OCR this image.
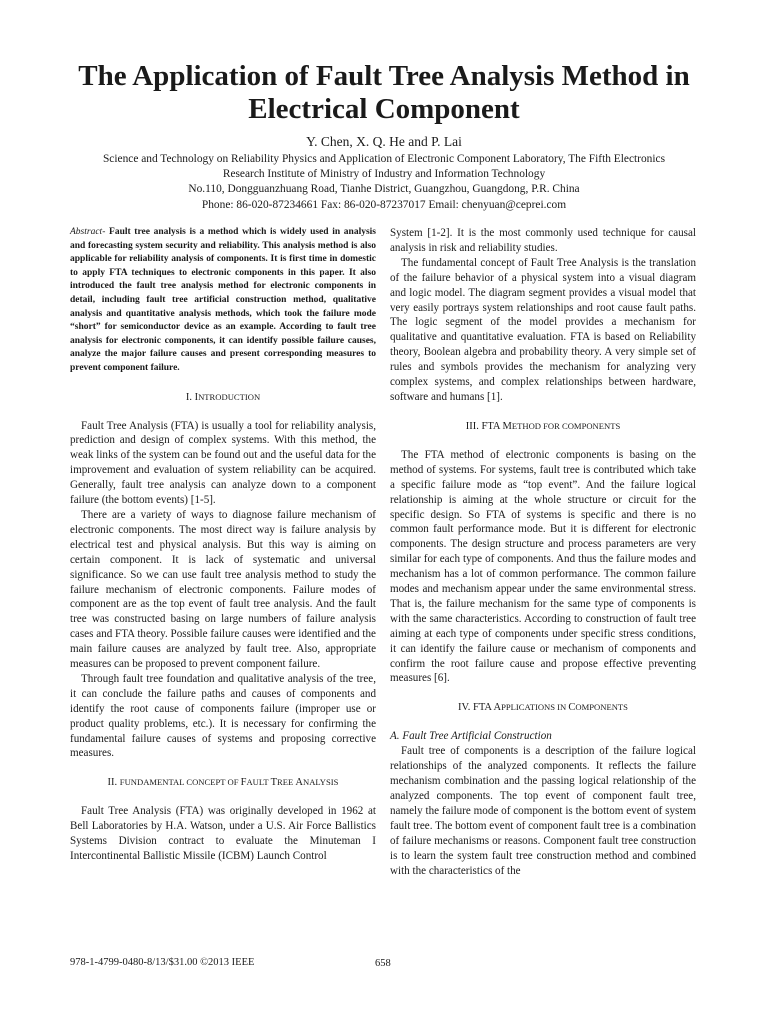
The Application of Fault Tree Analysis Method in
Electrical Component
Y. Chen, X. Q. He and P. Lai
Science and Technology on Reliability Physics and Application of Electronic Component Laboratory, The Fifth Electronics
Research Institute of Ministry of Industry and Information Technology
No.110, Dongguanzhuang Road, Tianhe District, Guangzhou, Guangdong, P.R. China
Phone: 86-020-87234661 Fax: 86-020-87237017 Email: chenyuan@ceprei.com

Abstract- Fault tree analysis is a method which is widely used in analysis and forecasting system security and reliability. This analysis method is also applicable for reliability analysis of components. It is first time in domestic to apply FTA techniques to electronic components in this paper. It also introduced the fault tree analysis method for electronic components in detail, including fault tree artificial construction method, qualitative analysis and quantitative analysis methods, which took the failure mode “short” for semiconductor device as an example. According to fault tree analysis for electronic components, it can identify possible failure causes, analyze the major failure causes and present corresponding measures to prevent component failure.

I. INTRODUCTION

Fault Tree Analysis (FTA) is usually a tool for reliability analysis, prediction and design of complex systems. With this method, the weak links of the system can be found out and the useful data for the improvement and evaluation of system reliability can be acquired. Generally, fault tree analysis can analyze down to a component failure (the bottom events) [1-5].

There are a variety of ways to diagnose failure mechanism of electronic components. The most direct way is failure analysis by electrical test and physical analysis. But this way is aiming on certain component. It is lack of systematic and universal significance. So we can use fault tree analysis method to study the failure mechanism of electronic components. Failure modes of component are as the top event of fault tree analysis. And the fault tree was constructed basing on large numbers of failure analysis cases and FTA theory. Possible failure causes were identified and the main failure causes are analyzed by fault tree. Also, appropriate measures can be proposed to prevent component failure.

Through fault tree foundation and qualitative analysis of the tree, it can conclude the failure paths and causes of components and identify the root cause of components failure (improper use or product quality problems, etc.). It is necessary for confirming the fundamental failure causes of systems and proposing corrective measures.

II. FUNDAMENTAL CONCEPT OF FAULT TREE ANALYSIS

Fault Tree Analysis (FTA) was originally developed in 1962 at Bell Laboratories by H.A. Watson, under a U.S. Air Force Ballistics Systems Division contract to evaluate the Minuteman I Intercontinental Ballistic Missile (ICBM) Launch Control

System [1-2]. It is the most commonly used technique for causal analysis in risk and reliability studies.

The fundamental concept of Fault Tree Analysis is the translation of the failure behavior of a physical system into a visual diagram and logic model. The diagram segment provides a visual model that very easily portrays system relationships and root cause fault paths. The logic segment of the model provides a mechanism for qualitative and quantitative evaluation. FTA is based on Reliability theory, Boolean algebra and probability theory. A very simple set of rules and symbols provides the mechanism for analyzing very complex systems, and complex relationships between hardware, software and humans [1].

III. FTA METHOD FOR COMPONENTS

The FTA method of electronic components is basing on the method of systems. For systems, fault tree is contributed which take a specific failure mode as “top event”. And the failure logical relationship is aiming at the whole structure or circuit for the specific design. So FTA of systems is specific and there is no common fault performance mode. But it is different for electronic components. The design structure and process parameters are very similar for each type of components. And thus the failure modes and mechanism has a lot of common performance. The common failure modes and mechanism appear under the same environmental stress. That is, the failure mechanism for the same type of components is with the same characteristics. According to construction of fault tree aiming at each type of components under specific stress conditions, it can identify the failure cause or mechanism of components and confirm the root failure cause and propose effective preventing measures [6].

IV. FTA APPLICATIONS IN COMPONENTS

A. Fault Tree Artificial Construction

Fault tree of components is a description of the failure logical relationships of the analyzed components. It reflects the failure mechanism combination and the passing logical relationship of the analyzed components. The top event of component fault tree, namely the failure mode of component is the bottom event of system fault tree. The bottom event of component fault tree is a combination of failure mechanisms or reasons. Component fault tree construction is to learn the system fault tree construction method and combined with the characteristics of the

978-1-4799-0480-8/13/$31.00 ©2013 IEEE	658
